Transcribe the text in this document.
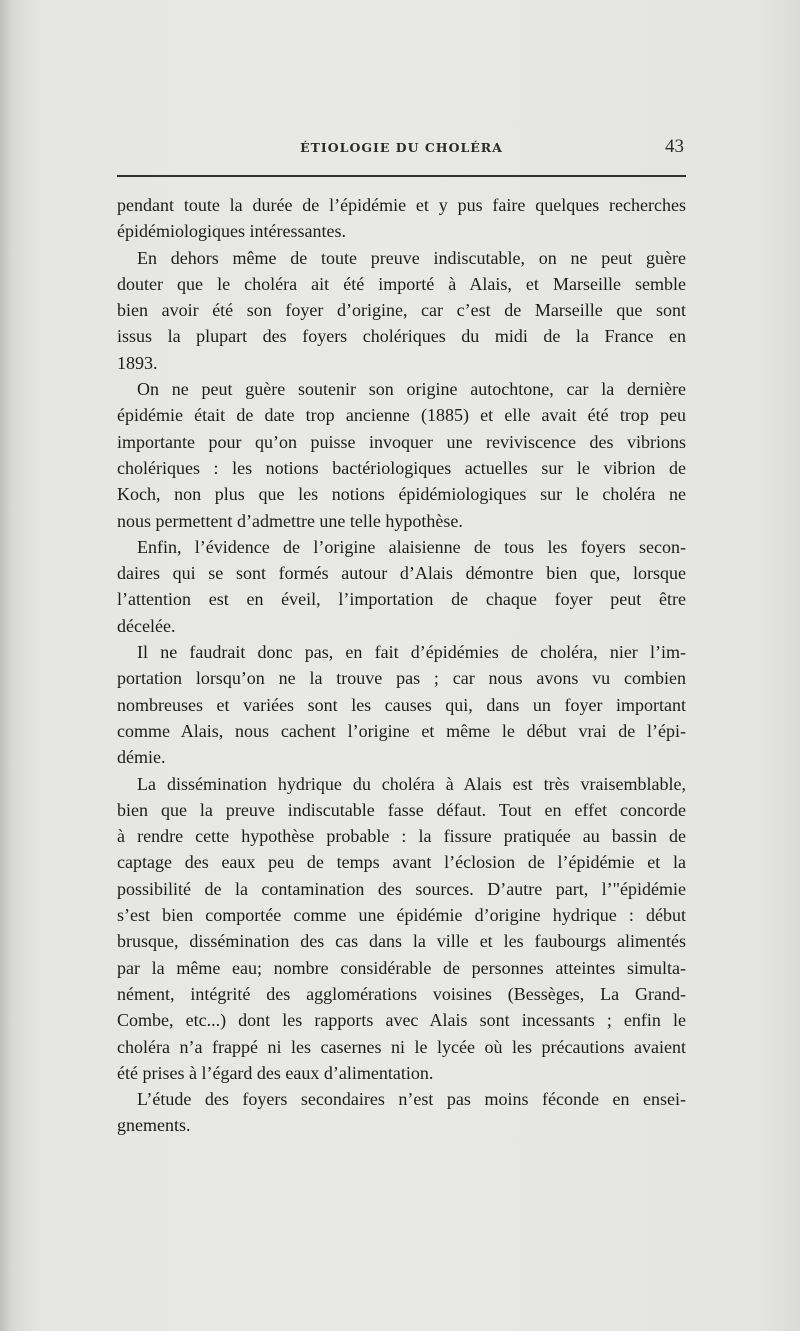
ÉTIOLOGIE DU CHOLÉRA	43
pendant toute la durée de l’épidémie et y pus faire quelques recherches
épidémiologiques intéressantes.
En dehors même de toute preuve indiscutable, on ne peut guère
douter que le choléra ait été importé à Alais, et Marseille semble
bien avoir été son foyer d’origine, car c’est de Marseille que sont
issus la plupart des foyers cholériques du midi de la France en
1893.
On ne peut guère soutenir son origine autochtone, car la dernière
épidémie était de date trop ancienne (1885) et elle avait été trop peu
importante pour qu’on puisse invoquer une reviviscence des vibrions
cholériques : les notions bactériologiques actuelles sur le vibrion de
Koch, non plus que les notions épidémiologiques sur le choléra ne
nous permettent d’admettre une telle hypothèse.
Enfin, l’évidence de l’origine alaisienne de tous les foyers secon-
daires qui se sont formés autour d’Alais démontre bien que, lorsque
l’attention est en éveil, l’importation de chaque foyer peut être
décelée.
Il ne faudrait donc pas, en fait d’épidémies de choléra, nier l’im-
portation lorsqu’on ne la trouve pas ; car nous avons vu combien
nombreuses et variées sont les causes qui, dans un foyer important
comme Alais, nous cachent l’origine et même le début vrai de l’épi-
démie.
La dissémination hydrique du choléra à Alais est très vraisemblable,
bien que la preuve indiscutable fasse défaut. Tout en effet concorde
à rendre cette hypothèse probable : la fissure pratiquée au bassin de
captage des eaux peu de temps avant l’éclosion de l’épidémie et la
possibilité de la contamination des sources. D’autre part, l’"épidémie
s’est bien comportée comme une épidémie d’origine hydrique : début
brusque, dissémination des cas dans la ville et les faubourgs alimentés
par la même eau; nombre considérable de personnes atteintes simulta-
nément, intégrité des agglomérations voisines (Bessèges, La Grand-
Combe, etc...) dont les rapports avec Alais sont incessants ; enfin le
choléra n’a frappé ni les casernes ni le lycée où les précautions avaient
été prises à l’égard des eaux d’alimentation.
L’étude des foyers secondaires n’est pas moins féconde en ensei-
gnements.
